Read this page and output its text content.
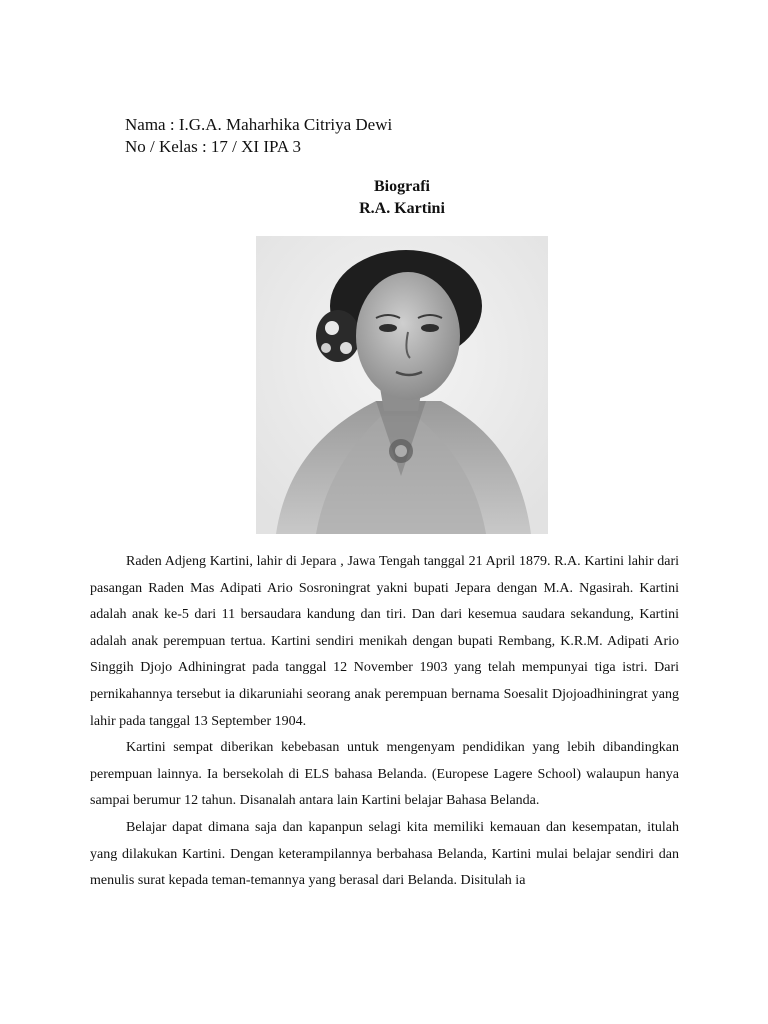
Nama : I.G.A. Maharhika Citriya Dewi
No / Kelas : 17 / XI IPA 3
Biografi
R.A. Kartini

Raden Adjeng Kartini, lahir di Jepara , Jawa Tengah tanggal 21 April 1879. R.A. Kartini lahir dari pasangan Raden Mas Adipati Ario Sosroningrat yakni bupati Jepara dengan M.A. Ngasirah. Kartini adalah anak ke-5 dari 11 bersaudara kandung dan tiri. Dan dari kesemua saudara sekandung, Kartini adalah anak perempuan tertua. Kartini sendiri menikah dengan bupati Rembang, K.R.M. Adipati Ario Singgih Djojo Adhiningrat pada tanggal 12 November 1903 yang telah mempunyai tiga istri. Dari pernikahannya tersebut ia dikaruniahi seorang anak perempuan bernama Soesalit Djojoadhiningrat yang lahir pada tanggal 13 September 1904.

Kartini sempat diberikan kebebasan untuk mengenyam pendidikan yang lebih dibandingkan perempuan lainnya. Ia bersekolah di ELS bahasa Belanda. (Europese Lagere School) walaupun hanya sampai berumur 12 tahun. Disanalah antara lain Kartini belajar Bahasa Belanda.

Belajar dapat dimana saja dan kapanpun selagi kita memiliki kemauan dan kesempatan, itulah yang dilakukan Kartini. Dengan keterampilannya berbahasa Belanda, Kartini mulai belajar sendiri dan menulis surat kepada teman-temannya yang berasal dari Belanda. Disitulah ia
